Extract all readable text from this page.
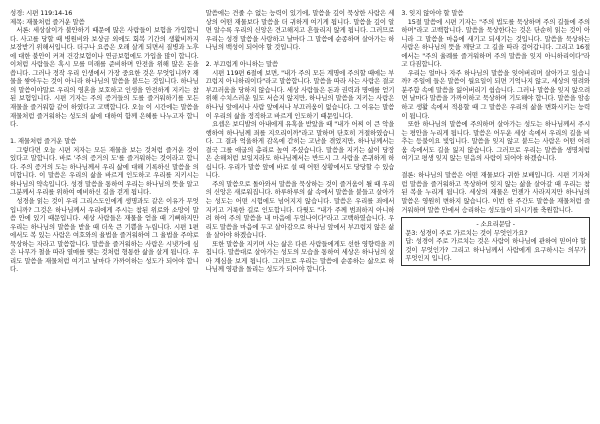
성경: 시편 119:14-16

제목: 재물처럼 즐거운 말씀

서론: 세상살이가 불안하기 때문에 많은 사람들이 보험을 가입합니다. 사고를 당할 때 병원비와 보상금 외에도 회복 기간의 생활비까지 보장받기 위해서입니다. 더구나 요즘은 오래 살게 되면서 질병과 노후에 대한 불안이 커져 건강보험이나 연금보험에도 가입을 많이 합니다. 이처럼 사람들은 혹시 모를 미래를 준비하며 안전을 위해 많은 돈을 씁니다. 그러나 정작 우리 인생에서 가장 중요한 것은 무엇입니까? 재물을 쌓아두는 것이 아니라 하나님의 말씀을 붙드는 것입니다. 하나님의 말씀이야말로 우리의 영혼을 보호하고 인생을 안전하게 지키는 참된 보험입니다. 시편 기자는 주의 증거들의 도를 즐거워하기를 모든 재물을 즐거워함 같이 하였다고 고백합니다. 오늘 이 시간에는 말씀을 재물처럼 즐거워하는 성도의 삶에 대하여 함께 은혜를 나누고자 합니다.

1. 재물처럼 즐거운 말씀

그렇다면 오늘 시편 저자는 모든 재물을 보는 것처럼 즐거운 것이 있다고 말합니다. 바로 '주의 증거의 도'를 즐거워하는 것이라고 합니다. 주의 증거의 도는 하나님께서 우리 삶에 대해 기록하신 말씀을 의미합니다. 이 말씀은 우리의 삶을 바르게 인도하고 우리를 지키시는 하나님의 약속입니다. 성경 말씀을 통하여 우리는 하나님의 뜻을 알고 그분께서 우리를 위하여 예비하신 길을 걷게 됩니다.

성경을 읽는 것이 우리 그리스도인에게 생명과도 같은 이유가 무엇입니까? 그것은 하나님께서 우리에게 주시는 참된 위로와 소망이 말씀 안에 있기 때문입니다. 세상 사람들은 재물을 얻을 때 기뻐하지만 우리는 하나님의 말씀을 받을 때 더욱 큰 기쁨을 누립니다. 시편 1편에서도 복 있는 사람은 여호와의 율법을 즐거워하여 그 율법을 주야로 묵상하는 자라고 말씀합니다. 말씀을 즐거워하는 사람은 시냇가에 심은 나무가 철을 따라 열매를 맺는 것처럼 형통한 삶을 살게 됩니다. 우리도 말씀을 재물처럼 여기고 날마다 가까이하는 성도가 되어야 합니다.

말씀에는 견줄 수 없는 능력이 있기에, 말씀을 깊이 묵상한 사람은 세상의 어떤 재물보다 말씀을 더 귀하게 여기게 됩니다. 말씀을 깊이 알면 알수록 우리의 신앙은 견고해지고 흔들리지 않게 됩니다. 그러므로 우리는 성경 말씀을 사랑하고 날마다 그 말씀에 순종하며 살아가는 하나님의 백성이 되어야 할 것입니다.

2. 부끄럽게 아니하는 말씀

시편 119편 6절에 보면, "내가 주의 모든 계명에 주의할 때에는 부끄럽지 아니하리이다"라고 말씀합니다. 말씀을 따라 사는 사람은 결코 부끄러움을 당하지 않습니다. 세상 사람들은 돈과 권력과 명예를 얻기 위해 수치스러운 일도 서슴지 않지만, 하나님의 말씀을 지키는 사람은 하나님 앞에서나 사람 앞에서나 부끄러움이 없습니다. 그 이유는 말씀이 우리의 삶을 정직하고 바르게 인도하기 때문입니다.

요셉은 보디발의 아내에게 유혹을 받았을 때 "내가 어찌 이 큰 악을 행하여 하나님께 죄를 지으리이까"라고 말하며 단호히 거절하였습니다. 그 결과 억울하게 감옥에 갇히는 고난을 겪었지만, 하나님께서는 결국 그를 애굽의 총리로 높여 주셨습니다. 말씀을 지키는 삶이 당장은 손해처럼 보일지라도 하나님께서는 반드시 그 사람을 존귀하게 하십니다. 우리가 말씀 앞에 바로 설 때 어떤 상황에서도 당당할 수 있습니다.

주의 말씀으로 돌아와서 말씀을 묵상하는 것이 즐거움이 될 때 우리의 신앙은 새로워집니다. 하루하루의 삶 속에서 말씀을 붙들고 살아가는 성도는 어떤 시험에도 넘어지지 않습니다. 말씀은 우리를 죄에서 지키고 거룩한 길로 인도합니다. 다윗도 "내가 주께 범죄하지 아니하려 하여 주의 말씀을 내 마음에 두었나이다"라고 고백하였습니다. 우리도 말씀을 마음에 두고 살아감으로 하나님 앞에서 부끄럽지 않은 삶을 살아야 하겠습니다.

또한 말씀을 지키며 사는 삶은 다른 사람들에게도 선한 영향력을 끼칩니다. 말씀대로 살아가는 성도의 모습을 통하여 세상은 하나님의 살아 계심을 보게 됩니다. 그러므로 우리는 말씀에 순종하는 삶으로 하나님께 영광을 돌리는 성도가 되어야 합니다.

3. 잊지 않아야 할 말씀

15절 말씀에 시편 기자는 "주의 법도를 묵상하며 주의 길들에 주의하며"라고 고백합니다. 말씀을 묵상한다는 것은 단순히 읽는 것이 아니라 그 말씀을 마음에 새기고 되새기는 것입니다. 말씀을 묵상하는 사람은 하나님의 뜻을 깨닫고 그 길을 따라 걸어갑니다. 그리고 16절에서는 "주의 율례를 즐거워하며 주의 말씀을 잊지 아니하리이다"라고 다짐합니다.

우리는 얼마나 자주 하나님의 말씀을 잊어버리며 살아가고 있습니까? 주일에 들은 말씀이 월요일이 되면 기억나지 않고, 세상의 염려와 분주함 속에 말씀을 잃어버리기 쉽습니다. 그러나 말씀을 잊지 않으려면 날마다 말씀을 가까이하고 묵상하며 기도해야 합니다. 말씀을 암송하고 생활 속에서 적용할 때 그 말씀은 우리의 삶을 변화시키는 능력이 됩니다.

또한 하나님의 말씀에 주의하며 살아가는 성도는 하나님께서 주시는 평안을 누리게 됩니다. 말씀은 어두운 세상 속에서 우리의 길을 비추는 등불이요 빛입니다. 말씀을 잊지 않고 붙드는 사람은 어떤 어려움 속에서도 길을 잃지 않습니다. 그러므로 우리는 말씀을 생명처럼 여기고 평생 잊지 않는 믿음의 사람이 되어야 하겠습니다.

결론: 하나님의 말씀은 어떤 재물보다 귀한 보배입니다. 시편 기자처럼 말씀을 즐거워하고 묵상하며 잊지 않는 삶을 살아갈 때 우리는 참된 복을 누리게 됩니다. 세상의 재물은 언젠가 사라지지만 하나님의 말씀은 영원히 변하지 않습니다. 이번 한 주간도 말씀을 재물처럼 즐거워하며 말씀 안에서 승리하는 성도들이 되시기를 축원합니다.

- 소요리문답 -

문3: 성경이 주로 가르치는 것이 무엇인가요?

답: 성경이 주로 가르치는 것은 사람이 하나님에 관하여 믿어야 할 것이 무엇인가? 그리고 하나님께서 사람에게 요구하시는 의무가 무엇인지 입니다.
